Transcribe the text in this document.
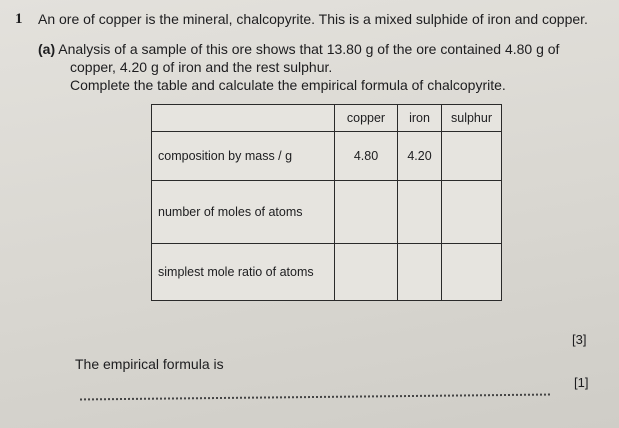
1 An ore of copper is the mineral, chalcopyrite. This is a mixed sulphide of iron and copper.
(a) Analysis of a sample of this ore shows that 13.80 g of the ore contained 4.80 g of
copper, 4.20 g of iron and the rest sulphur.
Complete the table and calculate the empirical formula of chalcopyrite.
	copper	iron	sulphur
composition by mass / g	4.80	4.20	
number of moles of atoms			
simplest mole ratio of atoms			
[3]
The empirical formula is
[1]
